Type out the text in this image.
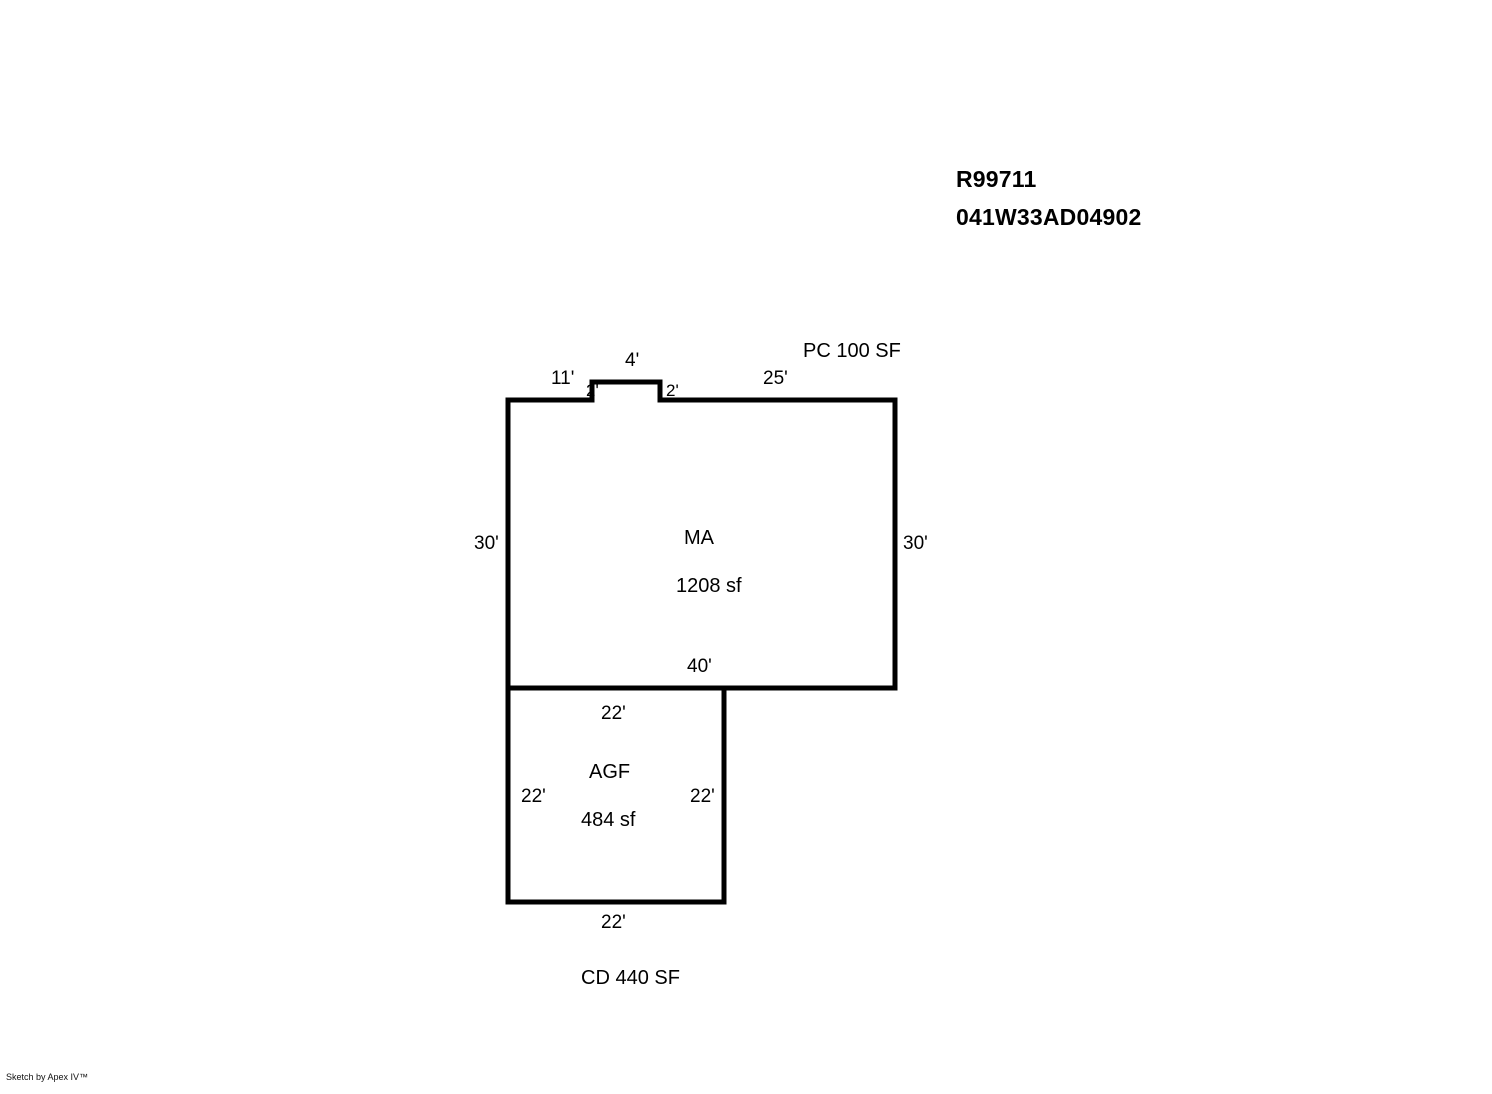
R99711
041W33AD04902
PC 100 SF
11'
2'
4'
2'
25'
30'	30'
40'
MA
1208 sf
22'
22'	22'
22'
AGF
484 sf
CD 440 SF
Sketch by Apex IV™
